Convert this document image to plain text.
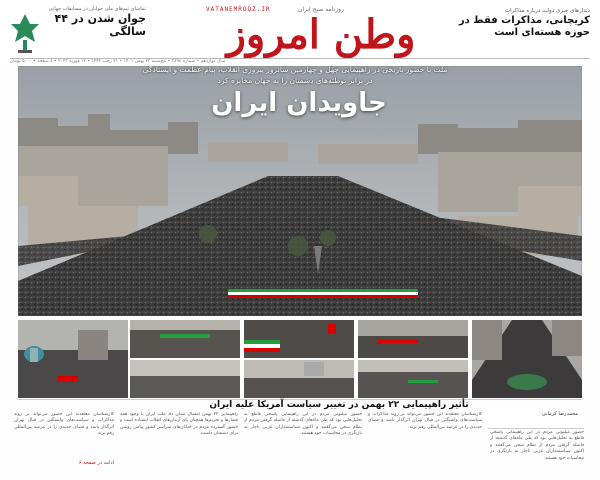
تماشای تیم‌های ملی جوانان در مسابقات جهانی
جوان شدن در ۴۴ سالگی
VATANEMROOZ.IR	روزنامه صبح ایران
وطن امروز	دیدارهای خبری دولت درباره مذاکرات
کریچانی، مذاکرات فقط در حوزه هسته‌ای است
سال دوازدهم • شماره ۳۸۹۸ • پنج‌شنبه ۲۳ بهمن ۱۴۰۱ • ۲۱ رجب ۱۴۴۴ • ۱۲ فوریه ۲۰۲۳ • ۸ صفحه • ۵۰۰۰ تومان
ملت با حضور تاریخی در راهپیمایی چهل و چهارمین سالروز پیروزی انقلاب، پیام عظمت و ایستادگی
در برابر توطئه‌های دشمنان را به جهان مخابره کرد
جاویدان ایران
تأثیر راهپیمایی ۲۲ بهمن در تغییر سیاست آمریکا علیه ایران
محمدرضا کرمانی
راهپیمایی ۲۲ بهمن امسال نشان داد ملت ایران با وجود همه فشارها و تحریم‌ها همچنان پای آرمان‌های انقلاب ایستاده است و حضور گسترده مردم در خیابان‌های سراسر کشور پیامی روشن برای دشمنان داشت.
حضور میلیونی مردم در این راهپیمایی پاسخی قاطع به تحلیل‌هایی بود که طی ماه‌های گذشته از فاصله گرفتن مردم از نظام سخن می‌گفتند و اکنون سیاستمداران غربی ناچار به بازنگری در محاسبات خود هستند.
کارشناسان معتقدند این حضور می‌تواند بر روند مذاکرات و سیاست‌های واشنگتن در قبال تهران اثرگذار باشد و فضای جدیدی را در عرصه بین‌المللی رقم بزند.
حضور میلیونی مردم در این راهپیمایی پاسخی قاطع به تحلیل‌هایی بود که طی ماه‌های گذشته از فاصله گرفتن مردم از نظام سخن می‌گفتند و اکنون سیاستمداران غربی ناچار به بازنگری در محاسبات خود هستند.
کارشناسان معتقدند این حضور می‌تواند بر روند مذاکرات و سیاست‌های واشنگتن در قبال تهران اثرگذار باشد و فضای جدیدی را در عرصه بین‌المللی رقم بزند.
ادامه در صفحه ۶
